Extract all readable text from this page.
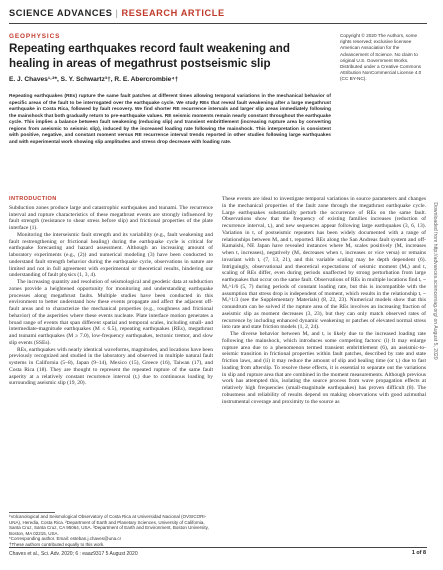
SCIENCE ADVANCES | RESEARCH ARTICLE
GEOPHYSICS
Repeating earthquakes record fault weakening and healing in areas of megathrust postseismic slip
E. J. Chaves¹·²*, S. Y. Schwartz³†, R. E. Abercrombie⁴†

Repeating earthquakes (REs) rupture the same fault patches at different times allowing temporal variations in the mechanical behavior of specific areas of the fault to be interrogated over the earthquake cycle. We study REs that reveal fault weakening after a large megathrust earthquake in Costa Rica, followed by fault recovery. We find shorter RE recurrence intervals and larger slip areas immediately following the mainshock that both gradually return to pre-earthquake values. RE seismic moments remain nearly constant throughout the earthquake cycle. This implies a balance between fault weakening (reducing slip) and transient embrittlement (increasing rupture area by converting regions from aseismic to seismic slip), induced by the increased loading rate following the mainshock. This interpretation is consistent with positive, negative, and constant moment versus RE recurrence interval trends reported in other studies following large earthquakes and with experimental work showing slip amplitudes and stress drop decrease with loading rate.

Copyright © 2020 The Authors, some rights reserved; exclusive licensee American Association for the Advancement of Science. No claim to original U.S. Government Works. Distributed under a Creative Commons Attribution NonCommercial License 4.0 (CC BY-NC).
Downloaded from http://advances.sciencemag.org/ on August 5, 2020
INTRODUCTION

Subduction zones produce large and catastrophic earthquakes and tsunami. The recurrence interval and rupture characteristics of these megathrust events are strongly influenced by fault strength (resistance to shear stress before slip) and frictional properties of the plate interface (1).

Monitoring the interseismic fault strength and its variability (e.g., fault weakening and fault restrengthening or frictional healing) during the earthquake cycle is critical for earthquake forecasting and hazard assessment. Although an increasing amount of laboratory experiments (e.g., (2)) and numerical modeling (3) have been conducted to understand fault strength behavior during the earthquake cycle, observations in nature are limited and not in full agreement with experimental or theoretical results, hindering our understanding of fault physics (1, 3, 4).

The increasing quantity and resolution of seismological and geodetic data at subduction zones provide a heightened opportunity for monitoring and understanding earthquake processes along megathrust faults. Multiple studies have been conducted in this environment to better understand how these events propagate and affect the adjacent off-fault areas and to characterize the mechanical properties (e.g., roughness and frictional behavior) of the asperities where these events nucleate. Plate interface motion generates a broad range of events that span different spatial and temporal scales, including small- and intermediate-magnitude earthquakes (M ≤ 6.5), repeating earthquakes (REs), megathrust and tsunami earthquakes (M ≥ 7.0), low-frequency earthquakes, tectonic tremor, and slow slip events (SSEs).

REs, earthquakes with nearly identical waveforms, magnitudes, and locations have been previously recognized and studied in the laboratory and observed in multiple natural fault systems in California (5–8), Japan (9–14), Mexico (15), Greece (16), Taiwan (17), and Costa Rica (18). They are thought to represent the repeated rupture of the same fault asperity at a relatively constant recurrence interval (tᵣ) due to continuous loading by surrounding aseismic slip (19, 20).

These events are ideal to investigate temporal variations in source parameters and changes in the mechanical properties of the fault zone through the megathrust earthquake cycle. Large earthquakes substantially perturb the occurrence of REs on the same fault. Observations show that the frequency of existing families increases (reduction of recurrence interval, tᵣ), and new sequences appear following large earthquakes (3, 6, 13). Variation in tᵣ of postseismic repeaters has been widely documented with a range of relationships between Mₒ and tᵣ reported. REs along the San Andreas fault system and off-Kamaishi, NE Japan have revealed instances where Mₒ scales positively (Mₒ increases when tᵣ increases), negatively (Mₒ decreases when tᵣ increases or vice versa) or remains invariant with tᵣ (7, 13, 21), and this variable scaling may be depth dependent (6). Intriguingly, observational and theoretical expectations of seismic moment (Mₒ) and tᵣ scaling of REs differ, even during periods unaffected by strong perturbation from large earthquakes that occur on the same fault. Observations of REs in multiple locations find tᵣ ~ Mₒ^1/6 (5, 7) during periods of constant loading rate, but this is incompatible with the assumption that stress drop is independent of moment, which results in the relationship tᵣ ~ Mₒ^1/3 (see the Supplementary Materials) (8, 22, 23). Numerical models show that this conundrum can be solved if the rupture area of the REs involves an increasing fraction of aseismic slip as moment decreases (3, 23), but they can only match observed rates of recurrence by including enhanced dynamic weakening or patches of elevated normal stress into rate and state friction models (1, 2, 24).

The diverse behavior between Mₒ and tᵣ is likely due to the increased loading rate following the mainshock, which introduces some competing factors: (i) It may enlarge rupture area due to a phenomenon termed transient embrittlement (6), an aseismic-to-seismic transition in frictional properties within fault patches, described by rate and state friction laws, and (ii) it may reduce the amount of slip and healing time (or tᵣ) due to fast loading from afterslip. To resolve these effects, it is essential to separate out the variations in slip and rupture area that are combined in the moment measurements. Although previous work has attempted this, isolating the source process from wave propagation effects at relatively high frequencies (small-magnitude earthquakes) has proven difficult (8). The robustness and reliability of results depend on making observations with good azimuthal instrumental coverage and proximity to the source as

¹Volcanological and Seismological Observatory of Costa Rica at Universidad Nacional (OVSICORI-UNA), Heredia, Costa Rica. ²Department of Earth and Planetary Sciences, University of California, Santa Cruz, Santa Cruz, CA 95064, USA. ³Department of Earth and Environment, Boston University, Boston, MA 02215, USA.
*Corresponding author. Email: esteban.j.chaves@una.cr
†These authors contributed equally to this work.
Chaves et al., Sci. Adv. 2020; 6 : eaaz9317 5 August 2020	1 of 8
